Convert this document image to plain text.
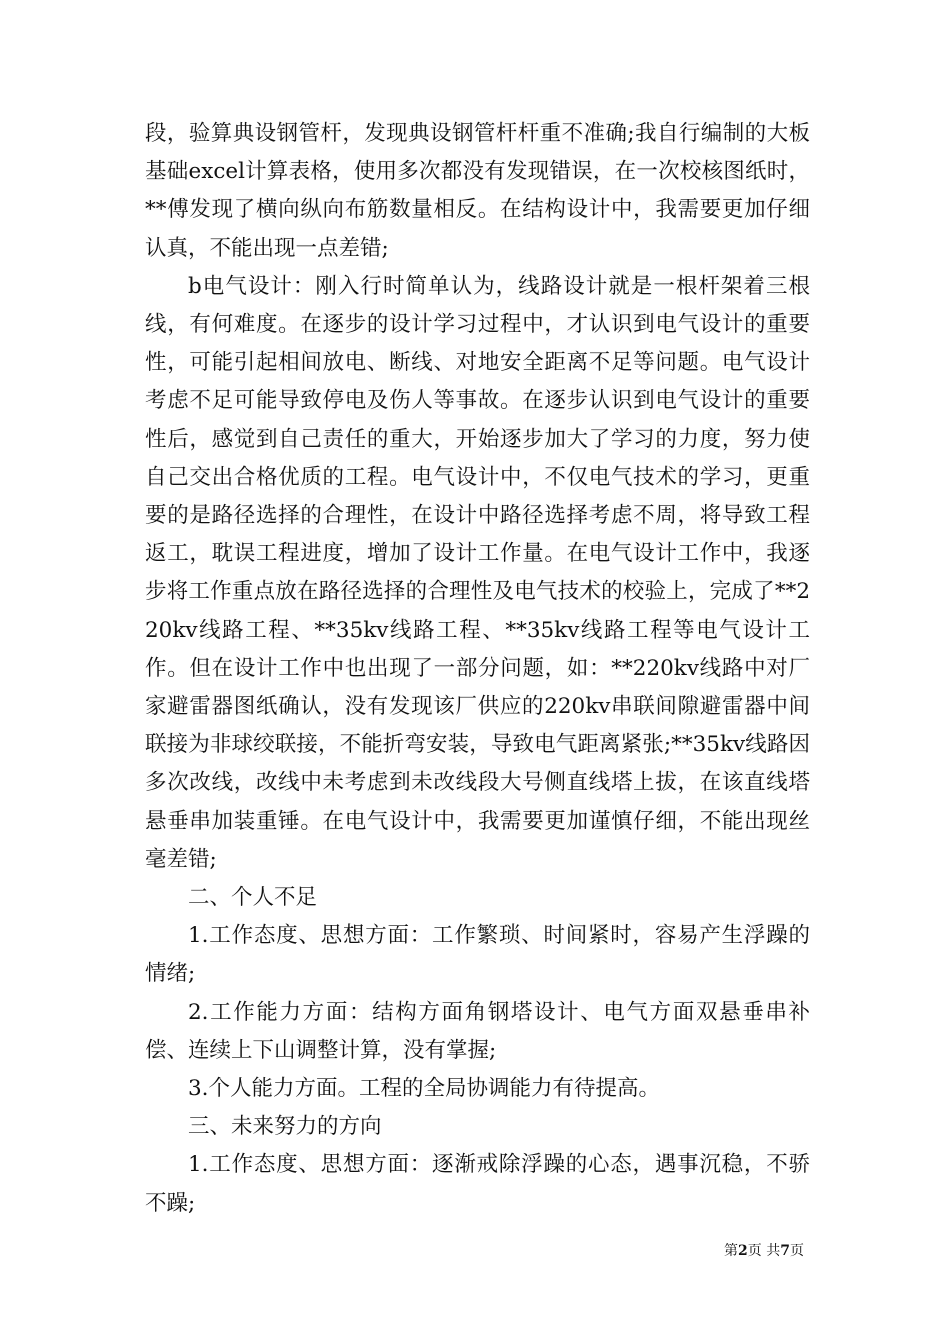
段，验算典设钢管杆，发现典设钢管杆杆重不准确;我自行编制的大板基础excel计算表格，使用多次都没有发现错误，在一次校核图纸时，**傅发现了横向纵向布筋数量相反。在结构设计中，我需要更加仔细认真，不能出现一点差错;

b电气设计：刚入行时简单认为，线路设计就是一根杆架着三根线，有何难度。在逐步的设计学习过程中，才认识到电气设计的重要性，可能引起相间放电、断线、对地安全距离不足等问题。电气设计考虑不足可能导致停电及伤人等事故。在逐步认识到电气设计的重要性后，感觉到自己责任的重大，开始逐步加大了学习的力度，努力使自己交出合格优质的工程。电气设计中，不仅电气技术的学习，更重要的是路径选择的合理性，在设计中路径选择考虑不周，将导致工程返工，耽误工程进度，增加了设计工作量。在电气设计工作中，我逐步将工作重点放在路径选择的合理性及电气技术的校验上，完成了**220kv线路工程、**35kv线路工程、**35kv线路工程等电气设计工作。但在设计工作中也出现了一部分问题，如：**220kv线路中对厂家避雷器图纸确认，没有发现该厂供应的220kv串联间隙避雷器中间联接为非球绞联接，不能折弯安装，导致电气距离紧张;**35kv线路因多次改线，改线中未考虑到未改线段大号侧直线塔上拔，在该直线塔悬垂串加装重锤。在电气设计中，我需要更加谨慎仔细，不能出现丝毫差错;

二、个人不足

1.工作态度、思想方面：工作繁琐、时间紧时，容易产生浮躁的情绪;

2.工作能力方面：结构方面角钢塔设计、电气方面双悬垂串补偿、连续上下山调整计算，没有掌握;

3.个人能力方面。工程的全局协调能力有待提高。

三、未来努力的方向

1.工作态度、思想方面：逐渐戒除浮躁的心态，遇事沉稳，不骄不躁;

第2页 共7页
